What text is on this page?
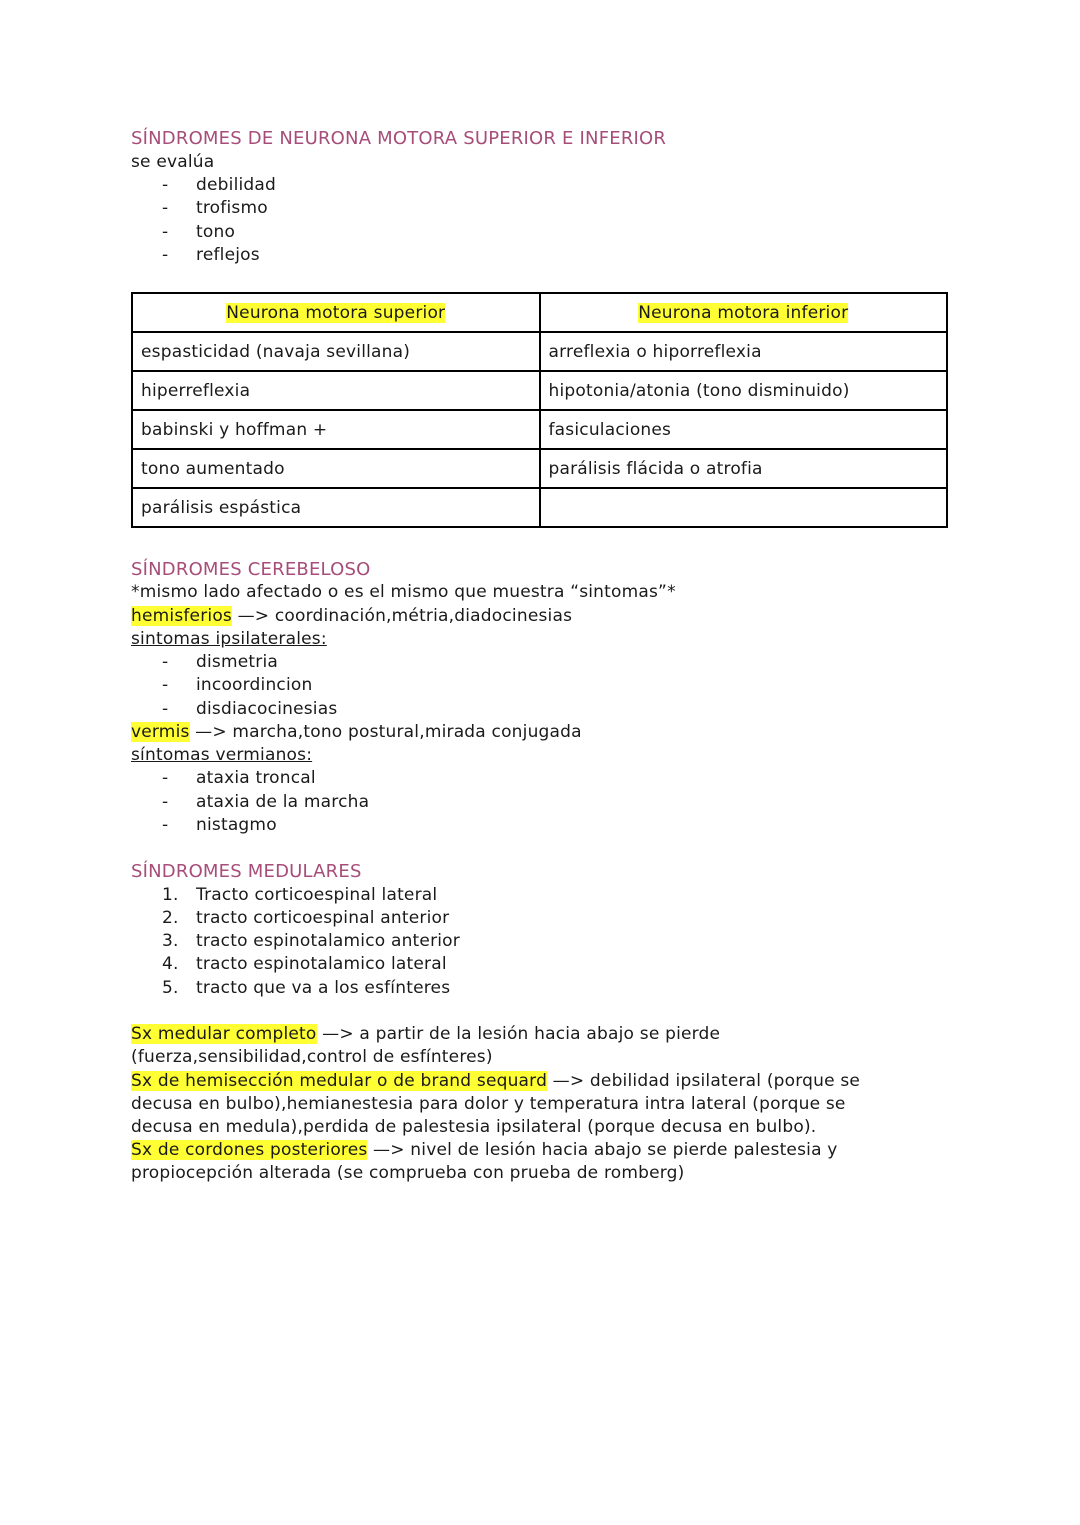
SÍNDROMES DE NEURONA MOTORA SUPERIOR E INFERIOR
se evalúa
- debilidad
- trofismo
- tono
- reflejos
Neurona motora superior	Neurona motora inferior
espasticidad (navaja sevillana)	arreflexia o hiporreflexia
hiperreflexia	hipotonia/atonia (tono disminuido)
babinski y hoffman +	fasiculaciones
tono aumentado	parálisis flácida o atrofia
parálisis espástica	
SÍNDROMES CEREBELOSO
*mismo lado afectado o es el mismo que muestra “sintomas”*
hemisferios —> coordinación,métria,diadocinesias
sintomas ipsilaterales:
- dismetria
- incoordincion
- disdiacocinesias
vermis —> marcha,tono postural,mirada conjugada
síntomas vermianos:
- ataxia troncal
- ataxia de la marcha
- nistagmo
SÍNDROMES MEDULARES
1. Tracto corticoespinal lateral
2. tracto corticoespinal anterior
3. tracto espinotalamico anterior
4. tracto espinotalamico lateral
5. tracto que va a los esfínteres
Sx medular completo —> a partir de la lesión hacia abajo se pierde
(fuerza,sensibilidad,control de esfínteres)
Sx de hemisección medular o de brand sequard —> debilidad ipsilateral (porque se
decusa en bulbo),hemianestesia para dolor y temperatura intra lateral (porque se
decusa en medula),perdida de palestesia ipsilateral (porque decusa en bulbo).
Sx de cordones posteriores —> nivel de lesión hacia abajo se pierde palestesia y
propiocepción alterada (se comprueba con prueba de romberg)
